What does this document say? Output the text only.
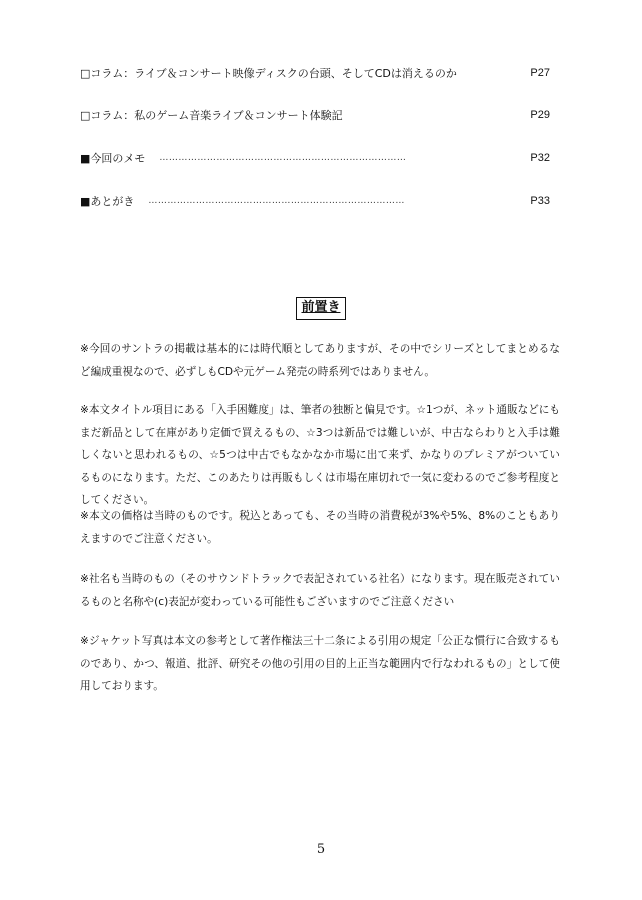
□コラム：ライブ＆コンサート映像ディスクの台頭、そしてCDは消えるのか	P27
□コラム：私のゲーム音楽ライブ＆コンサート体験記	P29
■今回のメモ ……………………………………………………………………	P32
■あとがき ………………………………………………………………………	P33
前置き

※今回のサントラの掲載は基本的には時代順としてありますが、その中でシリーズとしてまとめるなど編成重視なので、必ずしもCDや元ゲーム発売の時系列ではありません。

※本文タイトル項目にある「入手困難度」は、筆者の独断と偏見です。☆1つが、ネット通販などにもまだ新品として在庫があり定価で買えるもの、☆3つは新品では難しいが、中古ならわりと入手は難しくないと思われるもの、☆5つは中古でもなかなか市場に出て来ず、かなりのプレミアがついているものになります。ただ、このあたりは再販もしくは市場在庫切れで一気に変わるのでご参考程度としてください。

※本文の価格は当時のものです。税込とあっても、その当時の消費税が3%や5%、8%のこともありえますのでご注意ください。

※社名も当時のもの（そのサウンドトラックで表記されている社名）になります。現在販売されているものと名称や(c)表記が変わっている可能性もございますのでご注意ください

※ジャケット写真は本文の参考として著作権法三十二条による引用の規定「公正な慣行に合致するものであり、かつ、報道、批評、研究その他の引用の目的上正当な範囲内で行なわれるもの」として使用しております。

5
